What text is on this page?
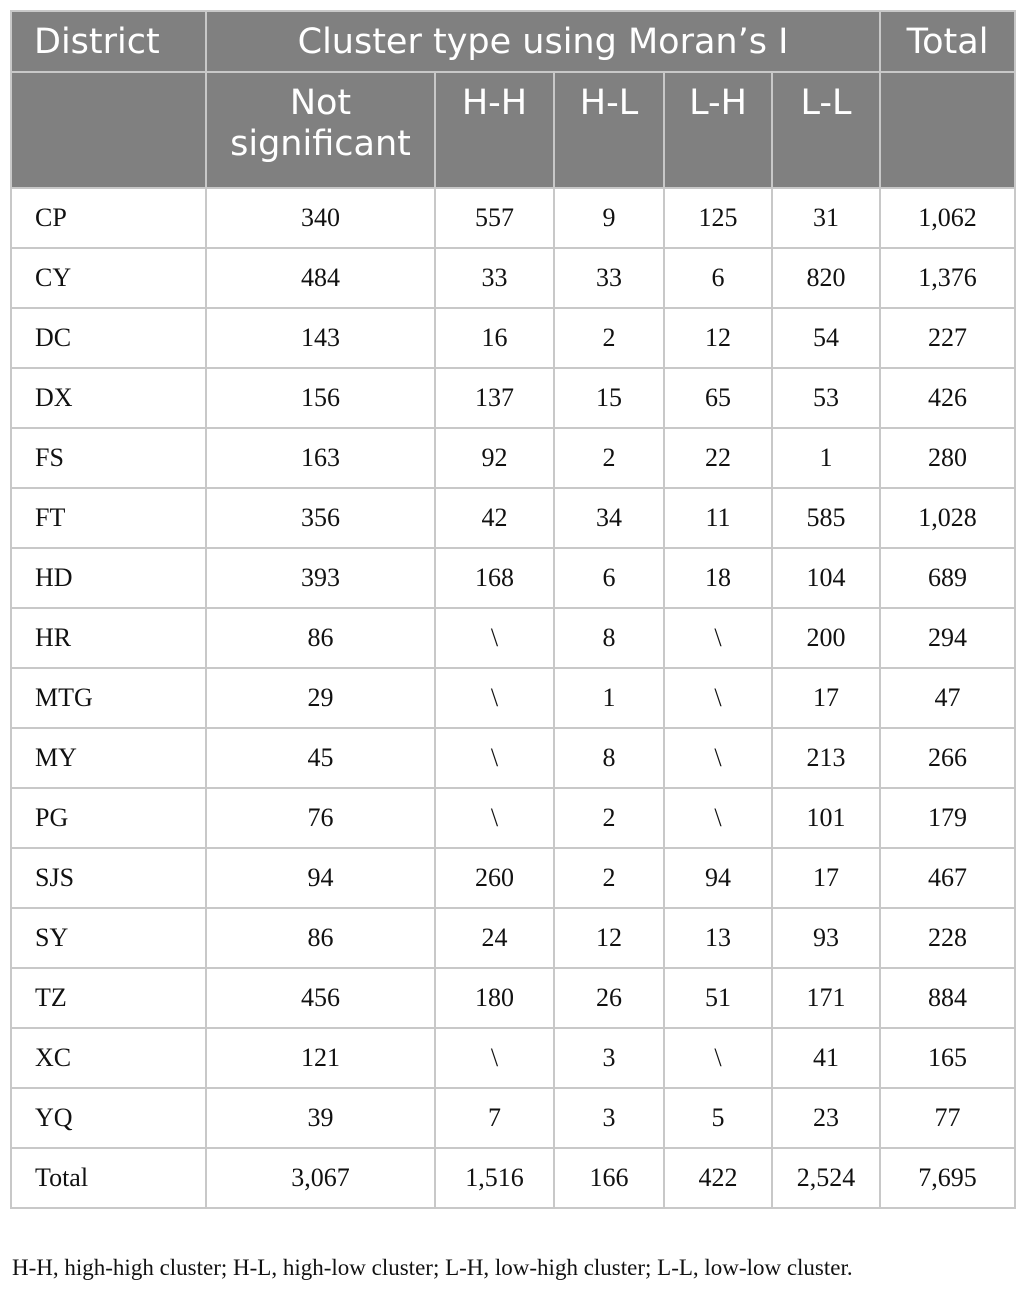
District	Cluster type using Moran’s I					Total
	Not significant	H-H	H-L	L-H	L-L	
CP	340	557	9	125	31	1,062
CY	484	33	33	6	820	1,376
DC	143	16	2	12	54	227
DX	156	137	15	65	53	426
FS	163	92	2	22	1	280
FT	356	42	34	11	585	1,028
HD	393	168	6	18	104	689
HR	86	\	8	\	200	294
MTG	29	\	1	\	17	47
MY	45	\	8	\	213	266
PG	76	\	2	\	101	179
SJS	94	260	2	94	17	467
SY	86	24	12	13	93	228
TZ	456	180	26	51	171	884
XC	121	\	3	\	41	165
YQ	39	7	3	5	23	77
Total	3,067	1,516	166	422	2,524	7,695
H-H, high-high cluster; H-L, high-low cluster; L-H, low-high cluster; L-L, low-low cluster.
